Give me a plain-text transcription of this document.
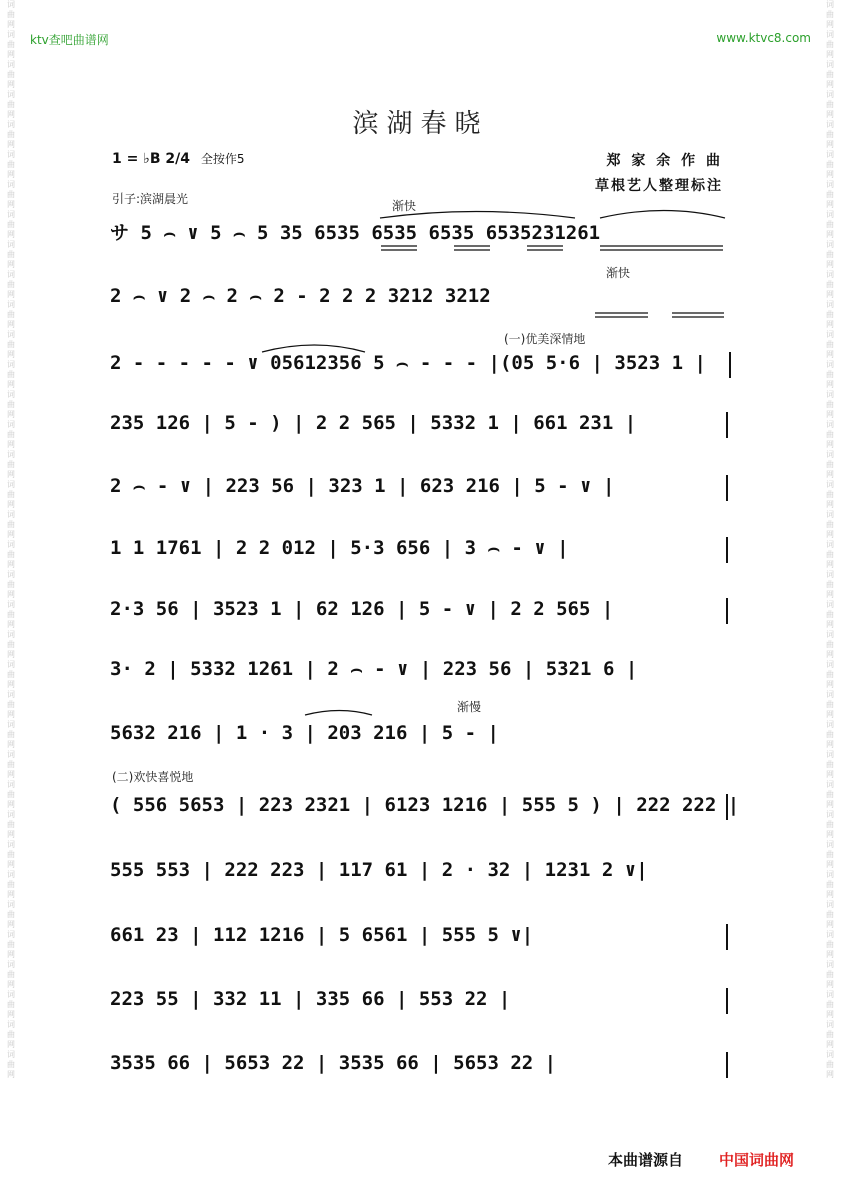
词曲网词曲网词曲网词曲网词曲网词曲网词曲网词曲网词曲网词曲网词曲网词曲网词曲网词曲网词曲网词曲网词曲网词曲网词曲网词曲网词曲网词曲网词曲网词曲网词曲网词曲网词曲网词曲网词曲网词曲网词曲网词曲网词曲网词曲网词曲网词曲网
词曲网词曲网词曲网词曲网词曲网词曲网词曲网词曲网词曲网词曲网词曲网词曲网词曲网词曲网词曲网词曲网词曲网词曲网词曲网词曲网词曲网词曲网词曲网词曲网词曲网词曲网词曲网词曲网词曲网词曲网词曲网词曲网词曲网词曲网词曲网词曲网
ktv查吧曲谱网	www.ktvc8.com
滨湖春晓
1 = ♭B 2/4 全按作5	郑 家 余 作 曲
草根艺人整理标注
引子:滨湖晨光	渐快
渐快
(一)优美深情地
渐慢
(二)欢快喜悦地
サ 5 ⌢ ∨ 5 ⌢ 5 35 6535 6535 6535 6535231261
2 ⌢ ∨ 2 ⌢ 2 ⌢ 2 - 2 2 2 3212 3212
2 - - - - - ∨ 05612356 5 ⌢ - - - |(05 5·6 | 3523 1 |
235 126 | 5 - ) | 2 2 565 | 5332 1 | 661 231 |
2 ⌢ - ∨ | 223 56 | 323 1 | 623 216 | 5 - ∨ |
1 1 1761 | 2 2 012 | 5·3 656 | 3 ⌢ - ∨ |
2·3 56 | 3523 1 | 62 126 | 5 - ∨ | 2 2 565 |
3· 2 | 5332 1261 | 2 ⌢ - ∨ | 223 56 | 5321 6 |
5632 216 | 1 · 3 | 203 216 | 5 - |
( 556 5653 | 223 2321 | 6123 1216 | 555 5 ) | 222 222 |
555 553 | 222 223 | 117 61 | 2 · 32 | 1231 2 ∨|
661 23 | 112 1216 | 5 6561 | 555 5 ∨|
223 55 | 332 11 | 335 66 | 553 22 |
3535 66 | 5653 22 | 3535 66 | 5653 22 |
本曲谱源自 中国词曲网
